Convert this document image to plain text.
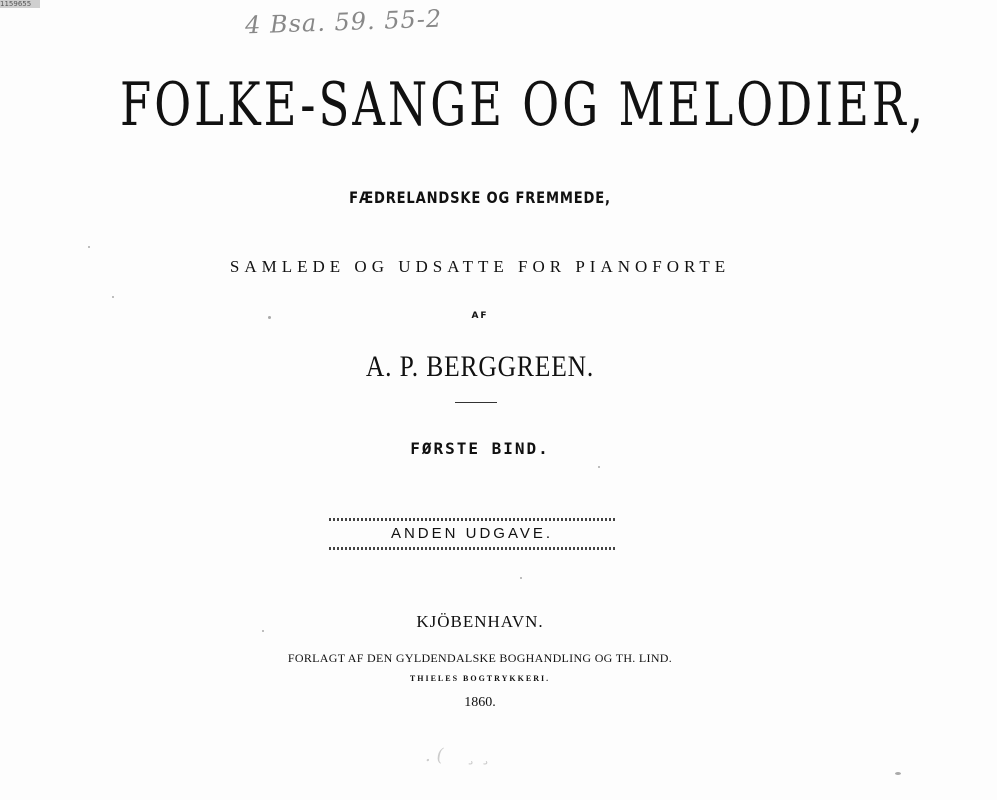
1159655
4 Bsa. 59. 55-2
FOLKE-SANGE OG MELODIER,
FÆDRELANDSKE OG FREMMEDE,
SAMLEDE OG UDSATTE FOR PIANOFORTE
AF
A. P. BERGGREEN.
FØRSTE BIND.
ANDEN UDGAVE.
KJÖBENHAVN.
FORLAGT AF DEN GYLDENDALSKE BOGHANDLING OG TH. LIND.
THIELES BOGTRYKKERI.
1860.
. (    ¸ ¸
